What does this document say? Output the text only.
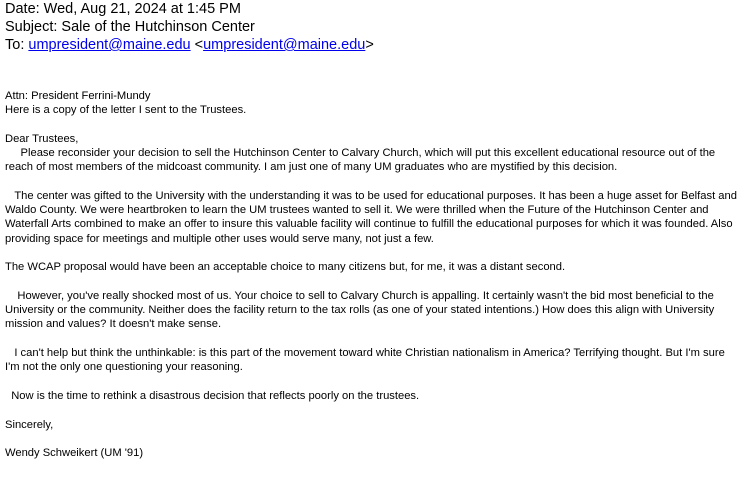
Date: Wed, Aug 21, 2024 at 1:45 PM
Subject: Sale of the Hutchinson Center
To: umpresident@maine.edu <umpresident@maine.edu>

Attn: President Ferrini-Mundy

Here is a copy of the letter I sent to the Trustees.

Dear Trustees,

Please reconsider your decision to sell the Hutchinson Center to Calvary Church, which will put this excellent educational resource out of the reach of most members of the midcoast community. I am just one of many UM graduates who are mystified by this decision.

The center was gifted to the University with the understanding it was to be used for educational purposes. It has been a huge asset for Belfast and Waldo County. We were heartbroken to learn the UM trustees wanted to sell it. We were thrilled when the Future of the Hutchinson Center and Waterfall Arts combined to make an offer to insure this valuable facility will continue to fulfill the educational purposes for which it was founded. Also providing space for meetings and multiple other uses would serve many, not just a few.

The WCAP proposal would have been an acceptable choice to many citizens but, for me, it was a distant second.

However, you've really shocked most of us. Your choice to sell to Calvary Church is appalling. It certainly wasn't the bid most beneficial to the University or the community. Neither does the facility return to the tax rolls (as one of your stated intentions.) How does this align with University mission and values? It doesn't make sense.

I can't help but think the unthinkable: is this part of the movement toward white Christian nationalism in America? Terrifying thought. But I'm sure I'm not the only one questioning your reasoning.

Now is the time to rethink a disastrous decision that reflects poorly on the trustees.

Sincerely,

Wendy Schweikert (UM '91)
